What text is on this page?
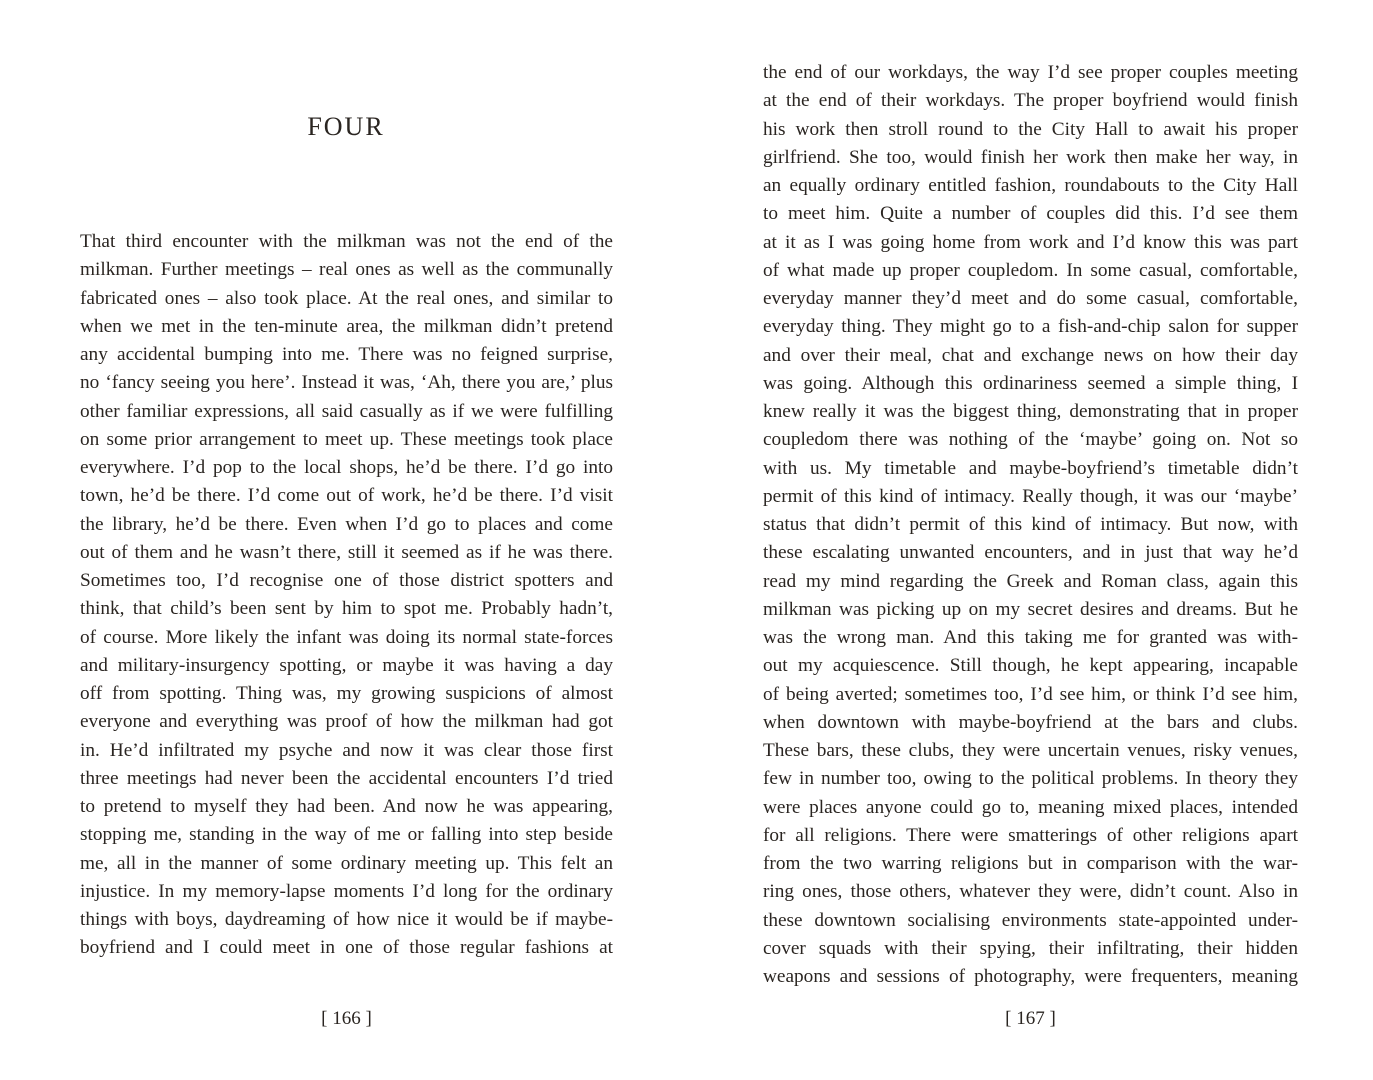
FOUR
That third encounter with the milkman was not the end of the
milkman. Further meetings – real ones as well as the communally
fabricated ones – also took place. At the real ones, and similar to
when we met in the ten-minute area, the milkman didn’t pretend
any accidental bumping into me. There was no feigned surprise,
no ‘fancy seeing you here’. Instead it was, ‘Ah, there you are,’ plus
other familiar expressions, all said casually as if we were fulfilling
on some prior arrangement to meet up. These meetings took place
everywhere. I’d pop to the local shops, he’d be there. I’d go into
town, he’d be there. I’d come out of work, he’d be there. I’d visit
the library, he’d be there. Even when I’d go to places and come
out of them and he wasn’t there, still it seemed as if he was there.
Sometimes too, I’d recognise one of those district spotters and
think, that child’s been sent by him to spot me. Probably hadn’t,
of course. More likely the infant was doing its normal state-forces
and military-insurgency spotting, or maybe it was having a day
off from spotting. Thing was, my growing suspicions of almost
everyone and everything was proof of how the milkman had got
in. He’d infiltrated my psyche and now it was clear those first
three meetings had never been the accidental encounters I’d tried
to pretend to myself they had been. And now he was appearing,
stopping me, standing in the way of me or falling into step beside
me, all in the manner of some ordinary meeting up. This felt an
injustice. In my memory-lapse moments I’d long for the ordinary
things with boys, daydreaming of how nice it would be if maybe-
boyfriend and I could meet in one of those regular fashions at

[ 166 ]

the end of our workdays, the way I’d see proper couples meeting
at the end of their workdays. The proper boyfriend would finish
his work then stroll round to the City Hall to await his proper
girlfriend. She too, would finish her work then make her way, in
an equally ordinary entitled fashion, roundabouts to the City Hall
to meet him. Quite a number of couples did this. I’d see them
at it as I was going home from work and I’d know this was part
of what made up proper coupledom. In some casual, comfortable,
everyday manner they’d meet and do some casual, comfortable,
everyday thing. They might go to a fish-and-chip salon for supper
and over their meal, chat and exchange news on how their day
was going. Although this ordinariness seemed a simple thing, I
knew really it was the biggest thing, demonstrating that in proper
coupledom there was nothing of the ‘maybe’ going on. Not so
with us. My timetable and maybe-boyfriend’s timetable didn’t
permit of this kind of intimacy. Really though, it was our ‘maybe’
status that didn’t permit of this kind of intimacy. But now, with
these escalating unwanted encounters, and in just that way he’d
read my mind regarding the Greek and Roman class, again this
milkman was picking up on my secret desires and dreams. But he
was the wrong man. And this taking me for granted was with-
out my acquiescence. Still though, he kept appearing, incapable
of being averted; sometimes too, I’d see him, or think I’d see him,
when downtown with maybe-boyfriend at the bars and clubs.
These bars, these clubs, they were uncertain venues, risky venues,
few in number too, owing to the political problems. In theory they
were places anyone could go to, meaning mixed places, intended
for all religions. There were smatterings of other religions apart
from the two warring religions but in comparison with the war-
ring ones, those others, whatever they were, didn’t count. Also in
these downtown socialising environments state-appointed under-
cover squads with their spying, their infiltrating, their hidden
weapons and sessions of photography, were frequenters, meaning

[ 167 ]
